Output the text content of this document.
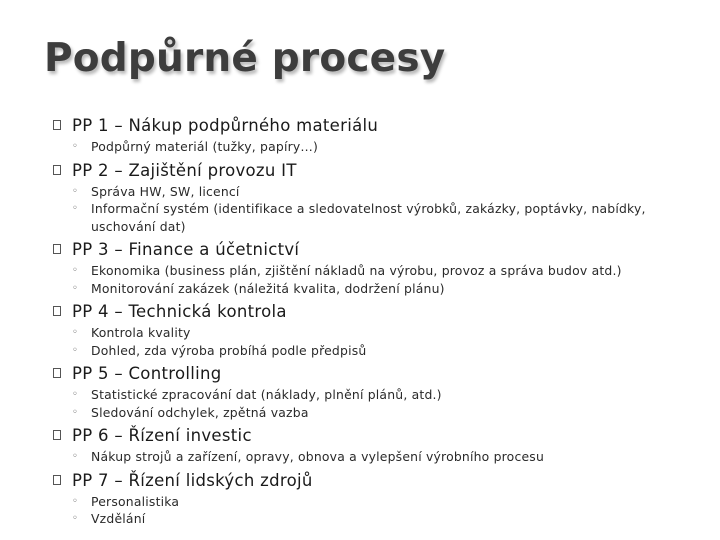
Podpůrné procesy
PP 1 – Nákup podpůrného materiálu
◦ Podpůrný materiál (tužky, papíry…)
PP 2 – Zajištění provozu IT
◦ Správa HW, SW, licencí
◦ Informační systém (identifikace a sledovatelnost výrobků, zakázky, poptávky, nabídky, uschování dat)
PP 3 – Finance a účetnictví
◦ Ekonomika (business plán, zjištění nákladů na výrobu, provoz a správa budov atd.)
◦ Monitorování zakázek (náležitá kvalita, dodržení plánu)
PP 4 – Technická kontrola
◦ Kontrola kvality
◦ Dohled, zda výroba probíhá podle předpisů
PP 5 – Controlling
◦ Statistické zpracování dat (náklady, plnění plánů, atd.)
◦ Sledování odchylek, zpětná vazba
PP 6 – Řízení investic
◦ Nákup strojů a zařízení, opravy, obnova a vylepšení výrobního procesu
PP 7 – Řízení lidských zdrojů
◦ Personalistika
◦ Vzdělání
